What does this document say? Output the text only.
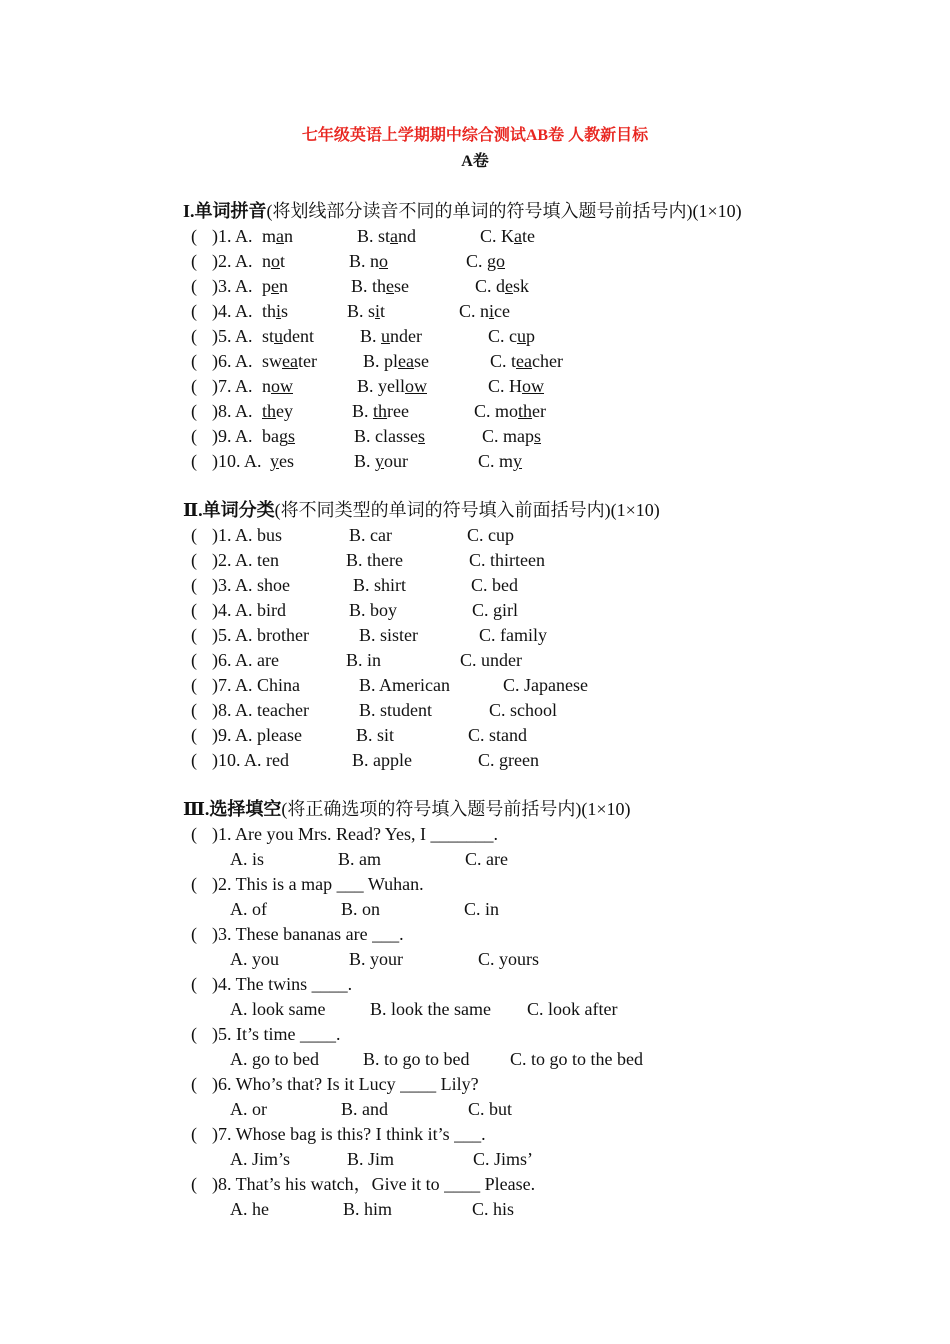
七年级英语上学期期中综合测试AB卷 人教新目标
A卷
I.单词拼音(将划线部分读音不同的单词的符号填入题号前括号内)(1×10)
( )1. A. man	B. stand	C. Kate
( )2. A. not	B. no	C. go
( )3. A. pen	B. these	C. desk
( )4. A. this	B. sit	C. nice
( )5. A. student	B. under	C. cup
( )6. A. sweater	B. please	C. teacher
( )7. A. now	B. yellow	C. How
( )8. A. they	B. three	C. mother
( )9. A. bags	B. classes	C. maps
( )10. A. yes	B. your	C. my
Ⅱ.单词分类(将不同类型的单词的符号填入前面括号内)(1×10)
( )1. A. bus	B. car	C. cup
( )2. A. ten	B. there	C. thirteen
( )3. A. shoe	B. shirt	C. bed
( )4. A. bird	B. boy	C. girl
( )5. A. brother	B. sister	C. family
( )6. A. are	B. in	C. under
( )7. A. China	B. American	C. Japanese
( )8. A. teacher	B. student	C. school
( )9. A. please	B. sit	C. stand
( )10. A. red	B. apple	C. green
Ⅲ.选择填空(将正确选项的符号填入题号前括号内)(1×10)
( )1. Are you Mrs. Read? Yes, I _______.
A. is	B. am	C. are
( )2. This is a map ___ Wuhan.
A. of	B. on	C. in
( )3. These bananas are ___.
A. you	B. your	C. yours
( )4. The twins ____.
A. look same B. look the same C. look after
( )5. It’s time ____.
A. go to bed B. to go to bed C. to go to the bed
( )6. Who’s that? Is it Lucy ____ Lily?
A. or	B. and	C. but
( )7. Whose bag is this? I think it’s ___.
A. Jim’s	B. Jim	C. Jims’
( )8. That’s his watch，Give it to ____ Please.
A. he	B. him	C. his
